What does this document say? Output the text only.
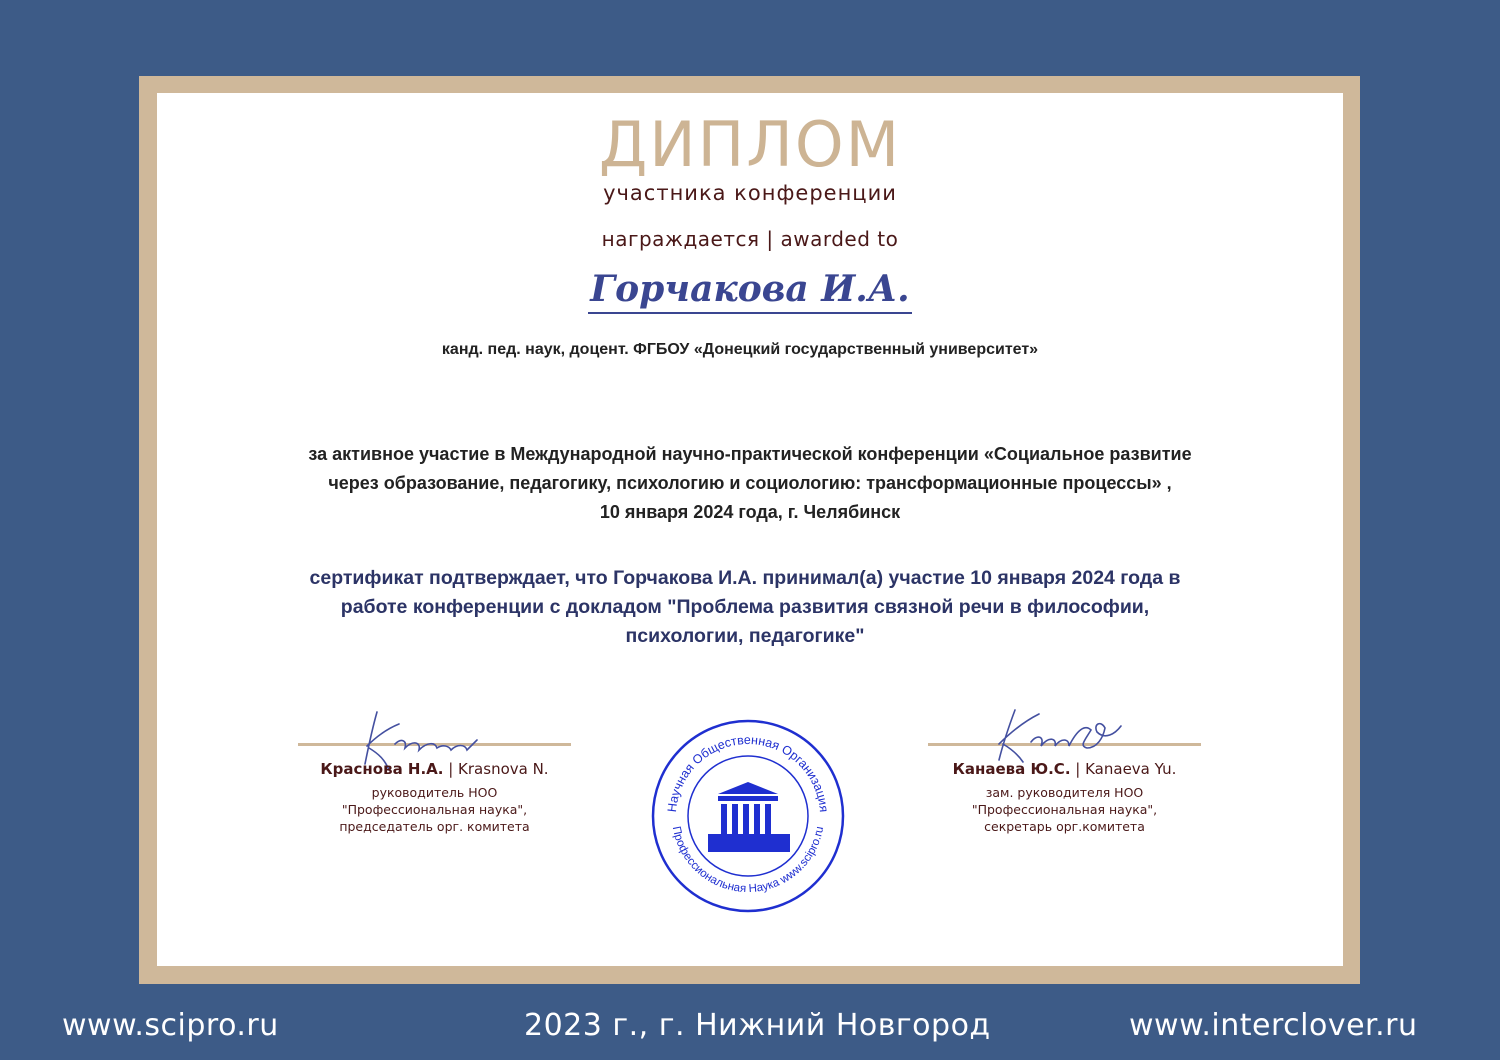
ДИПЛОМ
участника конференции
награждается | awarded to
Горчакова И.А.
канд. пед. наук, доцент. ФГБОУ «Донецкий государственный университет»
за активное участие в Международной научно-практической конференции «Социальное развитие
через образование, педагогику, психологию и социологию: трансформационные процессы» ,
10 января 2024 года, г. Челябинск
сертификат подтверждает, что Горчакова И.А. принимал(а) участие 10 января 2024 года в
работе конференции с докладом "Проблема развития связной речи в философии,
психологии, педагогике"
Краснова Н.А. | Krasnova N.
руководитель НОО
"Профессиональная наука",
председатель орг. комитета
Канаева Ю.С. | Kanaeva Yu.
зам. руководителя НОО
"Профессиональная наука",
секретарь орг.комитета
Научная Общественная Организация
Профессиональная Наука www.scipro.ru
www.scipro.ru	2023 г., г. Нижний Новгород	www.interclover.ru
